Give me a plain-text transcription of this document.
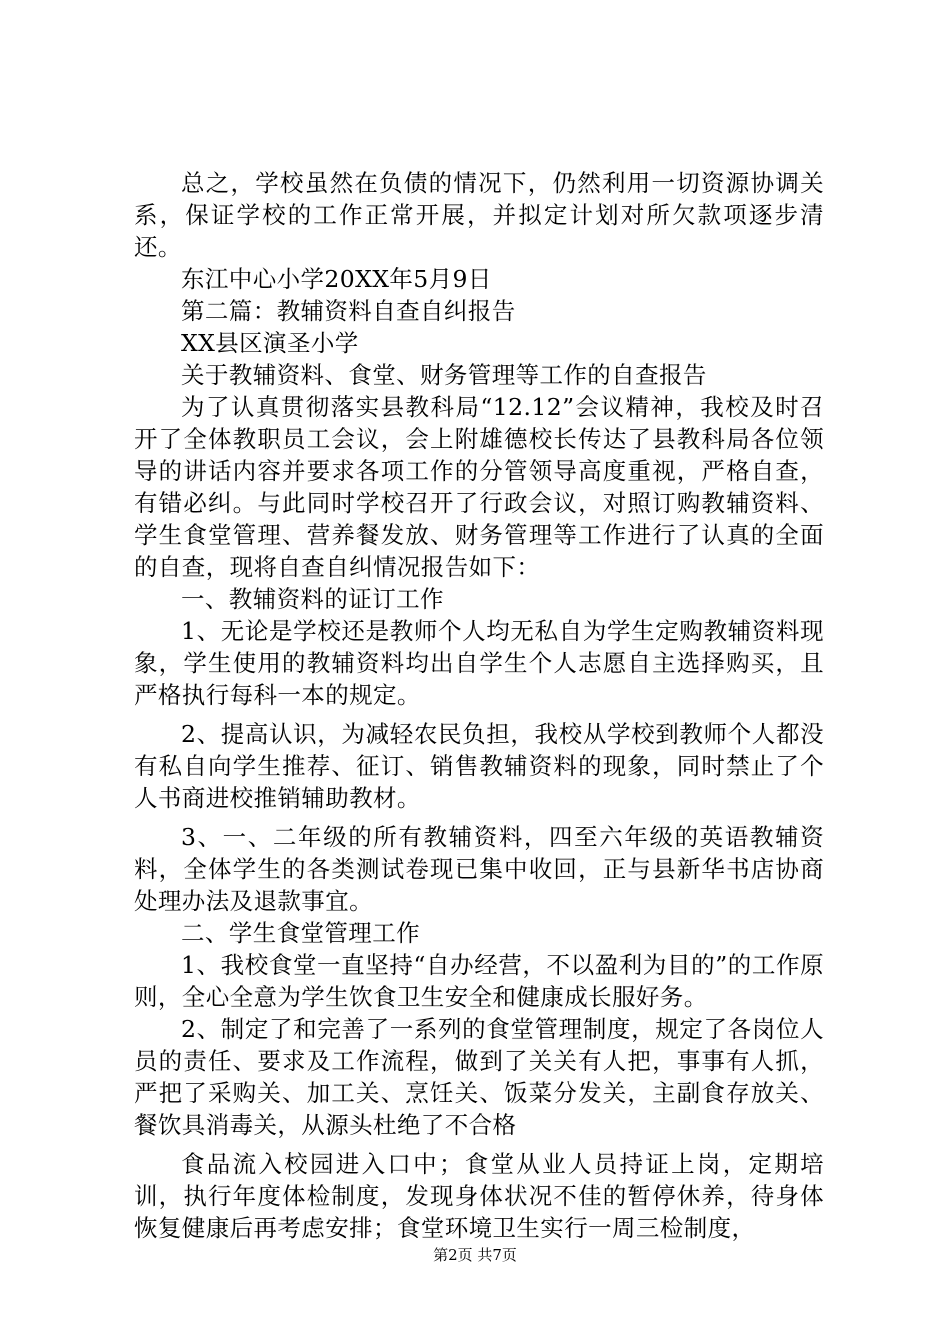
总之，学校虽然在负债的情况下，仍然利用一切资源协调关系，保证学校的工作正常开展，并拟定计划对所欠款项逐步清还。

东江中心小学20XX年5月9日

第二篇：教辅资料自查自纠报告

XX县区演圣小学

关于教辅资料、食堂、财务管理等工作的自查报告

为了认真贯彻落实县教科局“12.12”会议精神，我校及时召开了全体教职员工会议，会上附雄德校长传达了县教科局各位领导的讲话内容并要求各项工作的分管领导高度重视，严格自查，有错必纠。与此同时学校召开了行政会议，对照订购教辅资料、学生食堂管理、营养餐发放、财务管理等工作进行了认真的全面的自查，现将自查自纠情况报告如下：

一、教辅资料的证订工作

1、无论是学校还是教师个人均无私自为学生定购教辅资料现象，学生使用的教辅资料均出自学生个人志愿自主选择购买，且严格执行每科一本的规定。

2、提高认识，为减轻农民负担，我校从学校到教师个人都没有私自向学生推荐、征订、销售教辅资料的现象，同时禁止了个人书商进校推销辅助教材。

3、一、二年级的所有教辅资料，四至六年级的英语教辅资料，全体学生的各类测试卷现已集中收回，正与县新华书店协商处理办法及退款事宜。

二、学生食堂管理工作

1、我校食堂一直坚持“自办经营，不以盈利为目的”的工作原则，全心全意为学生饮食卫生安全和健康成长服好务。

2、制定了和完善了一系列的食堂管理制度，规定了各岗位人员的责任、要求及工作流程，做到了关关有人把，事事有人抓，严把了采购关、加工关、烹饪关、饭菜分发关，主副食存放关、餐饮具消毒关，从源头杜绝了不合格

食品流入校园进入口中；食堂从业人员持证上岗，定期培训，执行年度体检制度，发现身体状况不佳的暂停休养，待身体恢复健康后再考虑安排；食堂环境卫生实行一周三检制度，

第2页 共7页
